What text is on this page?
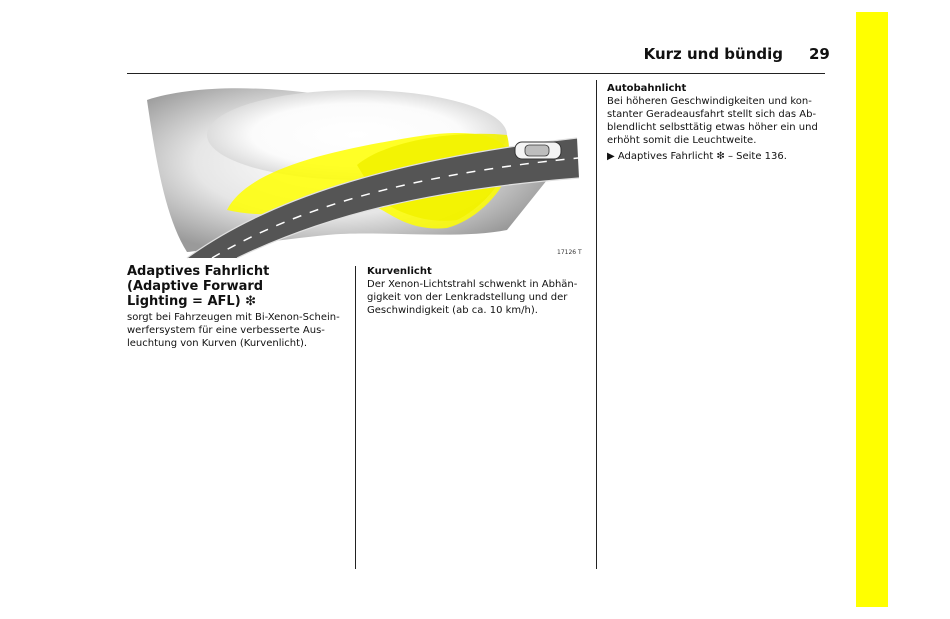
Kurz und bündig 29
17126 T
Adaptives Fahrlicht
(Adaptive Forward
Lighting = AFL) ❇
sorgt bei Fahrzeugen mit Bi-Xenon-Schein-
werfersystem für eine verbesserte Aus-
leuchtung von Kurven (Kurvenlicht).
Kurvenlicht
Der Xenon-Lichtstrahl schwenkt in Abhän-
gigkeit von der Lenkradstellung und der
Geschwindigkeit (ab ca. 10 km/h).
Autobahnlicht
Bei höheren Geschwindigkeiten und kon-
stanter Geradeausfahrt stellt sich das Ab-
blendlicht selbsttätig etwas höher ein und
erhöht somit die Leuchtweite.
▶ Adaptives Fahrlicht ❇ – Seite 136.
